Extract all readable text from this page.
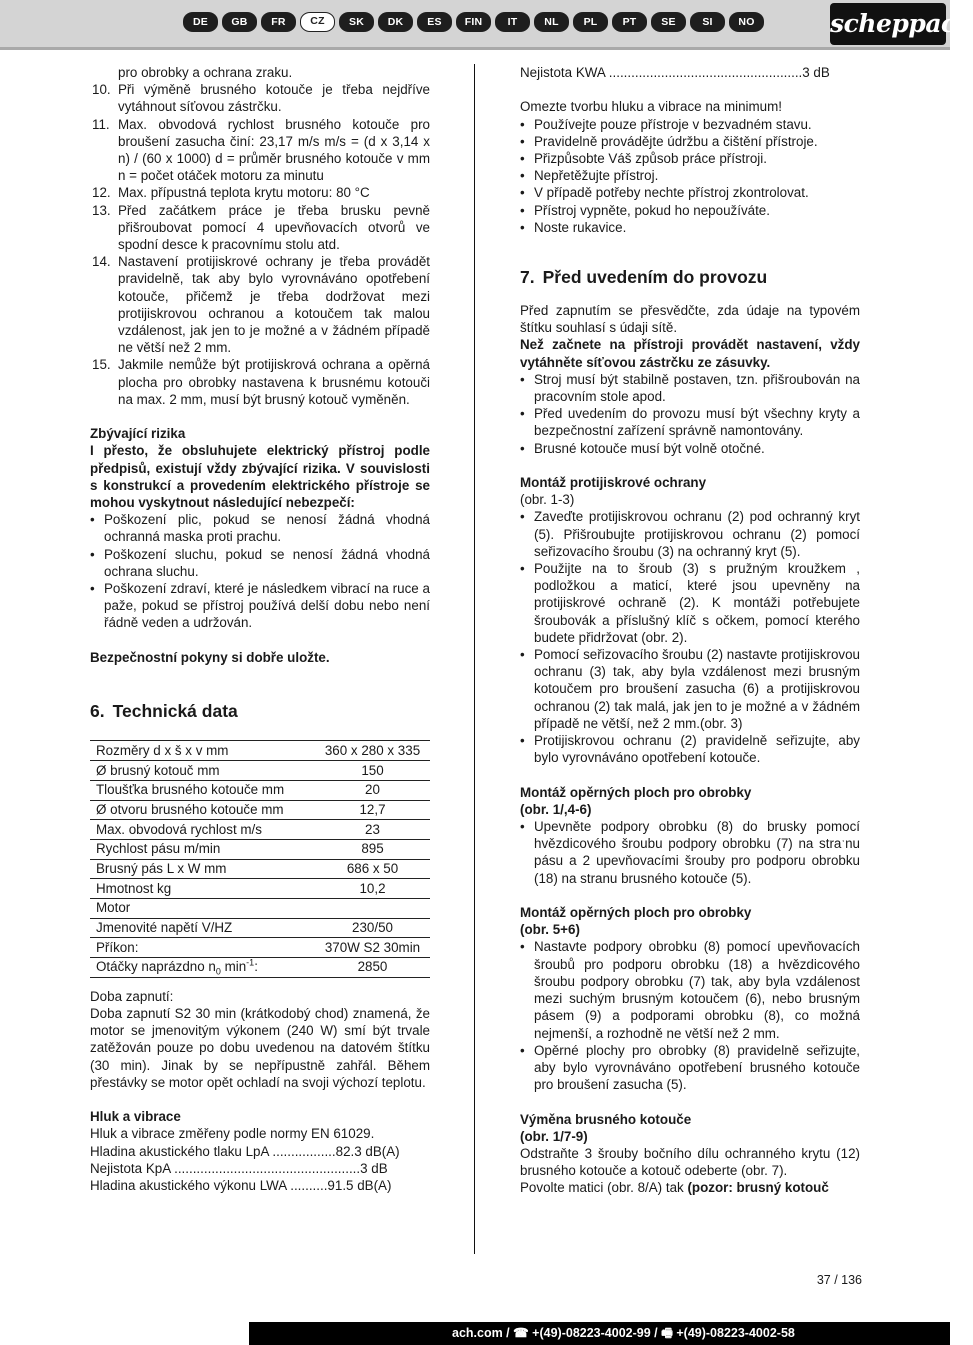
DE	GB	FR	CZ	SK	DK	ES	FIN	IT	NL	PL	PT	SE	SI	NO	scheppach
pro obrobky a ochrana zraku.
10. Při výměně brusného kotouče je třeba nejdříve vytáhnout síťovou zástrčku.
11. Max. obvodová rychlost brusného kotouče pro broušení zasucha činí: 23,17 m/s m/s = (d x 3,14 x n) / (60 x 1000) d = průměr brusného kotouče v mm n = počet otáček motoru za minutu
12. Max. přípustná teplota krytu motoru: 80 °C
13. Před začátkem práce je třeba brusku pevně přišroubovat pomocí 4 upevňovacích otvorů ve spodní desce k pracovnímu stolu atd.
14. Nastavení protijiskrové ochrany je třeba provádět pravidelně, tak aby bylo vyrovnáváno opotřebení kotouče, přičemž je třeba dodržovat mezi protijiskrovou ochranou a kotoučem tak malou vzdálenost, jak jen to je možné a v žádném případě ne větší než 2 mm.
15. Jakmile nemůže být protijiskrová ochrana a opěrná plocha pro obrobky nastavena k brusnému kotouči na max. 2 mm, musí být brusný kotouč vyměněn.

Zbývající rizika

I přesto, že obsluhujete elektrický přístroj podle předpisů, existují vždy zbývající rizika. V souvislosti s konstrukcí a provedením elektrického přístroje se mohou vyskytnout následující nebezpečí:

• Poškození plic, pokud se nenosí žádná vhodná ochranná maska proti prachu.
• Poškození sluchu, pokud se nenosí žádná vhodná ochrana sluchu.
• Poškození zdraví, které je následkem vibrací na ruce a paže, pokud se přístroj používá delší dobu nebo není řádně veden a udržován.

Bezpečnostní pokyny si dobře uložte.

6. Technická data
Rozměry d x š x v mm	360 x 280 x 335
Ø brusný kotouč mm	150
Tloušťka brusného kotouče mm	20
Ø otvoru brusného kotouče mm	12,7
Max. obvodová rychlost m/s	23
Rychlost pásu m/min	895
Brusný pás L x W mm	686 x 50
Hmotnost kg	10,2
Motor	
Jmenovité napětí V/HZ	230/50
Příkon:	370W S2 30min
Otáčky naprázdno $n_0$ $\min^{-1}$:	2850

Doba zapnutí:

Doba zapnutí S2 30 min (krátkodobý chod) znamená, že motor se jmenovitým výkonem (240 W) smí být trvale zatěžován pouze po dobu uvedenou na datovém štítku (30 min). Jinak by se nepřípustně zahřál. Během přestávky se motor opět ochladí na svoji výchozí teplotu.

Hluk a vibrace

Hluk a vibrace změřeny podle normy EN 61029.

Hladina akustického tlaku LpA .................82.3 dB(A)

Nejistota KpA ..................................................3 dB

Hladina akustického výkonu LWA ..........91.5 dB(A)

Nejistota KWA ....................................................3 dB

Omezte tvorbu hluku a vibrace na minimum!

• Používejte pouze přístroje v bezvadném stavu.
• Pravidelně provádějte údržbu a čištění přístroje.
• Přizpůsobte Váš způsob práce přístroji.
• Nepřetěžujte přístroj.
• V případě potřeby nechte přístroj zkontrolovat.
• Přístroj vypněte, pokud ho nepoužíváte.
• Noste rukavice.
7. Před uvedením do provozu

Před zapnutím se přesvědčte, zda údaje na typovém štítku souhlasí s údaji sítě.

Než začnete na přístroji provádět nastavení, vždy vytáhněte síťovou zástrčku ze zásuvky.

• Stroj musí být stabilně postaven, tzn. přišroubován na pracovním stole apod.
• Před uvedením do provozu musí být všechny kryty a bezpečnostní zařízení správně namontovány.
• Brusné kotouče musí být volně otočné.

Montáž protijiskrové ochrany

(obr. 1-3)

• Zaveďte protijiskrovou ochranu (2) pod ochranný kryt (5). Přišroubujte protijiskrovou ochranu (2) pomocí seřizovacího šroubu (3) na ochranný kryt (5).
• Použijte na to šroub (3) s pružným kroužkem , podložkou a maticí, které jsou upevněny na protijiskrové ochraně (2). K montáži potřebujete šroubovák a příslušný klíč s očkem, pomocí kterého budete přidržovat (obr. 2).
• Pomocí seřizovacího šroubu (2) nastavte protijiskrovou ochranu (3) tak, aby byla vzdálenost mezi brusným kotoučem pro broušení zasucha (6) a protijiskrovou ochranou (2) tak malá, jak jen to je možné a v žádném případě ne větší, než 2 mm.(obr. 3)
• Protijiskrovou ochranu (2) pravidelně seřizujte, aby bylo vyrovnáváno opotřebení kotouče.

Montáž opěrných ploch pro obrobky

(obr. 1/,4-6)

• Upevněte podpory obrobku (8) do brusky pomocí hvězdicového šroubu podpory obrobku (7) na straˑnu pásu a 2 upevňovacími šrouby pro podporu obrobku (18) na stranu brusného kotouče (5).

Montáž opěrných ploch pro obrobky

(obr. 5+6)

• Nastavte podpory obrobku (8) pomocí upevňovacích šroubů pro podporu obrobku (18) a hvězdicového šroubu podpory obrobku (7) tak, aby byla vzdálenost mezi suchým brusným kotoučem (6), nebo brusným pásem (9) a podporami obrobku (8), co možná nejmenší, a rozhodně ne větší než 2 mm.
• Opěrné plochy pro obrobky (8) pravidelně seřizujte, aby bylo vyrovnáváno opotřebení brusného kotouče pro broušení zasucha (5).

Výměna brusného kotouče

(obr. 1/7-9)

Odstraňte 3 šrouby bočního dílu ochranného krytu (12) brusného kotouče a kotouč odeberte (obr. 7).

Povolte matici (obr. 8/A) tak (pozor: brusný kotouč

37 / 136
ach.com / ☎ +(49)-08223-4002-99 / 🖷 +(49)-08223-4002-58
